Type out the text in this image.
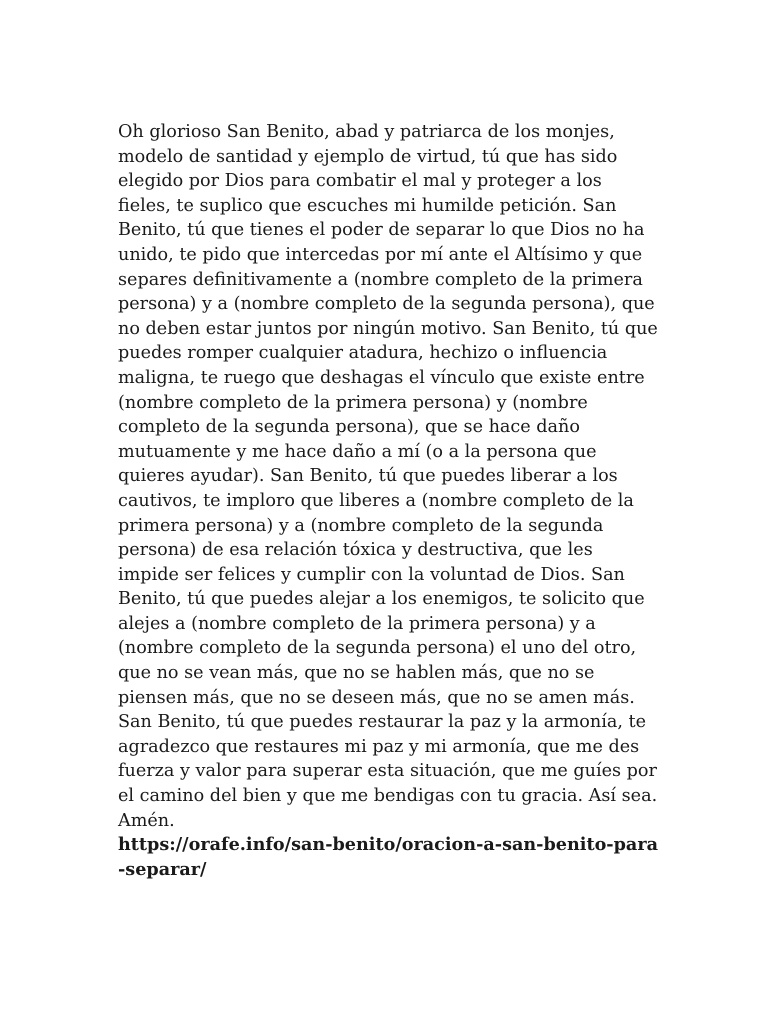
Oh glorioso San Benito, abad y patriarca de los monjes, modelo de santidad y ejemplo de virtud, tú que has sido elegido por Dios para combatir el mal y proteger a los fieles, te suplico que escuches mi humilde petición. San Benito, tú que tienes el poder de separar lo que Dios no ha unido, te pido que intercedas por mí ante el Altísimo y que separes definitivamente a (nombre completo de la primera persona) y a (nombre completo de la segunda persona), que no deben estar juntos por ningún motivo. San Benito, tú que puedes romper cualquier atadura, hechizo o influencia maligna, te ruego que deshagas el vínculo que existe entre (nombre completo de la primera persona) y (nombre completo de la segunda persona), que se hace daño mutuamente y me hace daño a mí (o a la persona que quieres ayudar). San Benito, tú que puedes liberar a los cautivos, te imploro que liberes a (nombre completo de la primera persona) y a (nombre completo de la segunda persona) de esa relación tóxica y destructiva, que les impide ser felices y cumplir con la voluntad de Dios. San Benito, tú que puedes alejar a los enemigos, te solicito que alejes a (nombre completo de la primera persona) y a (nombre completo de la segunda persona) el uno del otro, que no se vean más, que no se hablen más, que no se piensen más, que no se deseen más, que no se amen más. San Benito, tú que puedes restaurar la paz y la armonía, te agradezco que restaures mi paz y mi armonía, que me des fuerza y valor para superar esta situación, que me guíes por el camino del bien y que me bendigas con tu gracia. Así sea. Amén.

https://orafe.info/san-benito/oracion-a-san-benito-para-separar/
